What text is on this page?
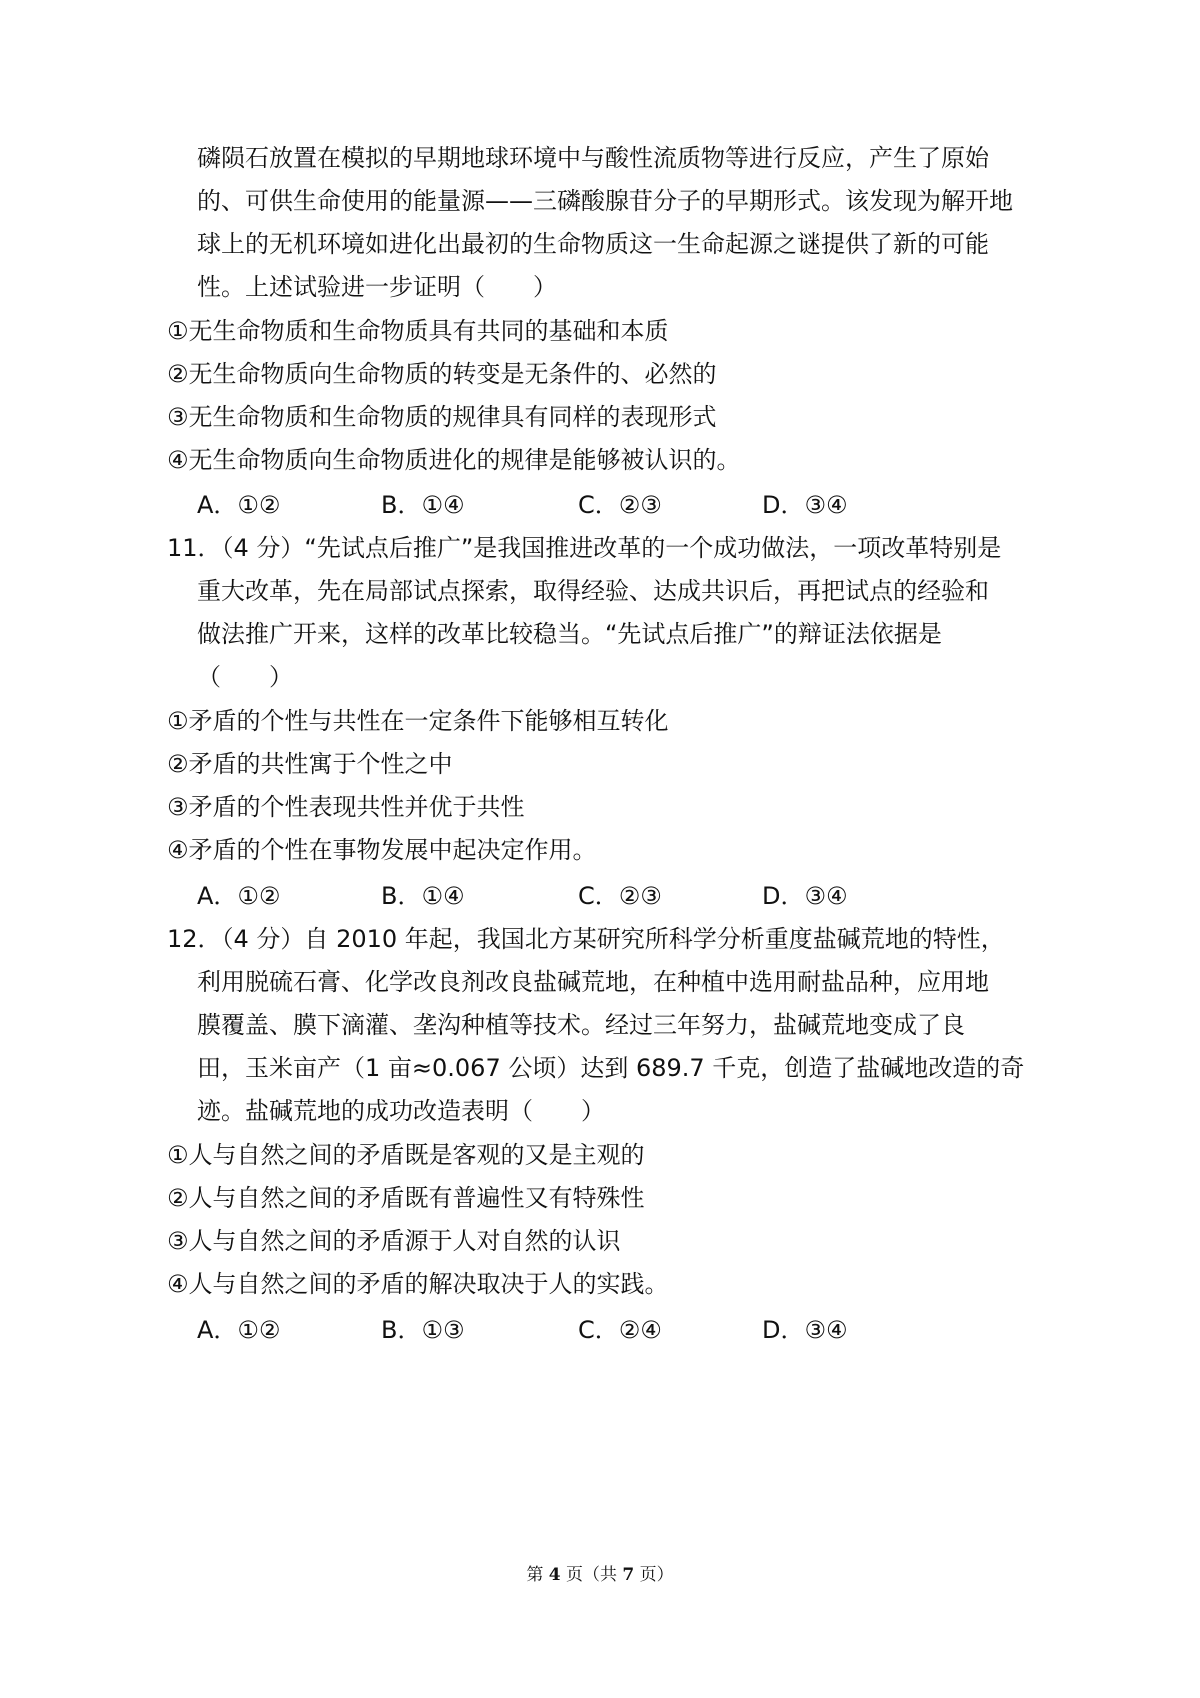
磷陨石放置在模拟的早期地球环境中与酸性流质物等进行反应，产生了原始
的、可供生命使用的能量源——三磷酸腺苷分子的早期形式。该发现为解开地
球上的无机环境如进化出最初的生命物质这一生命起源之谜提供了新的可能
性。上述试验进一步证明（　　）
①无生命物质和生命物质具有共同的基础和本质
②无生命物质向生命物质的转变是无条件的、必然的
③无生命物质和生命物质的规律具有同样的表现形式
④无生命物质向生命物质进化的规律是能够被认识的。
A．①②	B．①④	C．②③	D．③④
11．（4 分）“先试点后推广”是我国推进改革的一个成功做法，一项改革特别是
重大改革，先在局部试点探索，取得经验、达成共识后，再把试点的经验和
做法推广开来，这样的改革比较稳当。“先试点后推广”的辩证法依据是
（　　）
①矛盾的个性与共性在一定条件下能够相互转化
②矛盾的共性寓于个性之中
③矛盾的个性表现共性并优于共性
④矛盾的个性在事物发展中起决定作用。
A．①②	B．①④	C．②③	D．③④
12．（4 分）自 2010 年起，我国北方某研究所科学分析重度盐碱荒地的特性，
利用脱硫石膏、化学改良剂改良盐碱荒地，在种植中选用耐盐品种，应用地
膜覆盖、膜下滴灌、垄沟种植等技术。经过三年努力，盐碱荒地变成了良
田，玉米亩产（1 亩≈0.067 公顷）达到 689.7 千克，创造了盐碱地改造的奇
迹。盐碱荒地的成功改造表明（　　）
①人与自然之间的矛盾既是客观的又是主观的
②人与自然之间的矛盾既有普遍性又有特殊性
③人与自然之间的矛盾源于人对自然的认识
④人与自然之间的矛盾的解决取决于人的实践。
A．①②	B．①③	C．②④	D．③④
第 4 页（共 7 页）
